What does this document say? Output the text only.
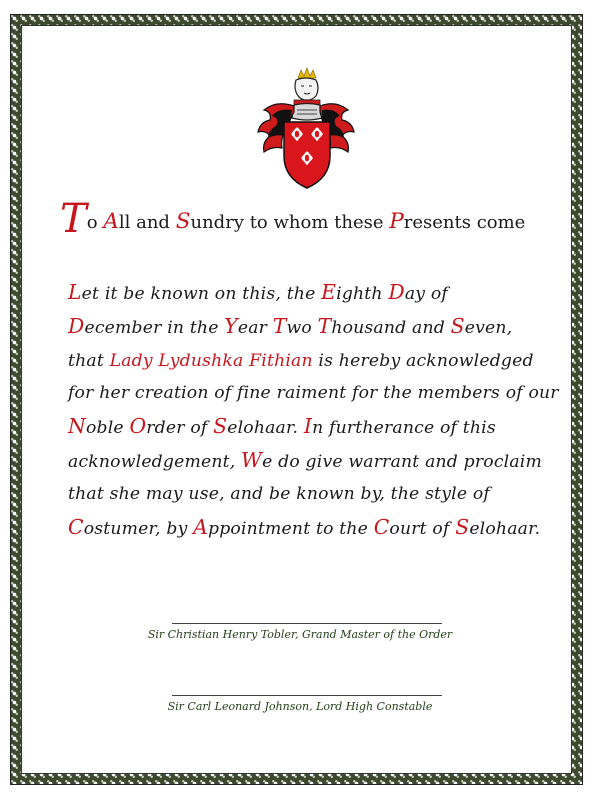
To All and Sundry to whom these Presents come
Let it be known on this, the Eighth Day of
December in the Year Two Thousand and Seven,
that Lady Lydushka Fithian is hereby acknowledged
for her creation of fine raiment for the members of our
Noble Order of Selohaar. In furtherance of this
acknowledgement, We do give warrant and proclaim
that she may use, and be known by, the style of
Costumer, by Appointment to the Court of Selohaar.
Sir Christian Henry Tobler, Grand Master of the Order
Sir Carl Leonard Johnson, Lord High Constable
